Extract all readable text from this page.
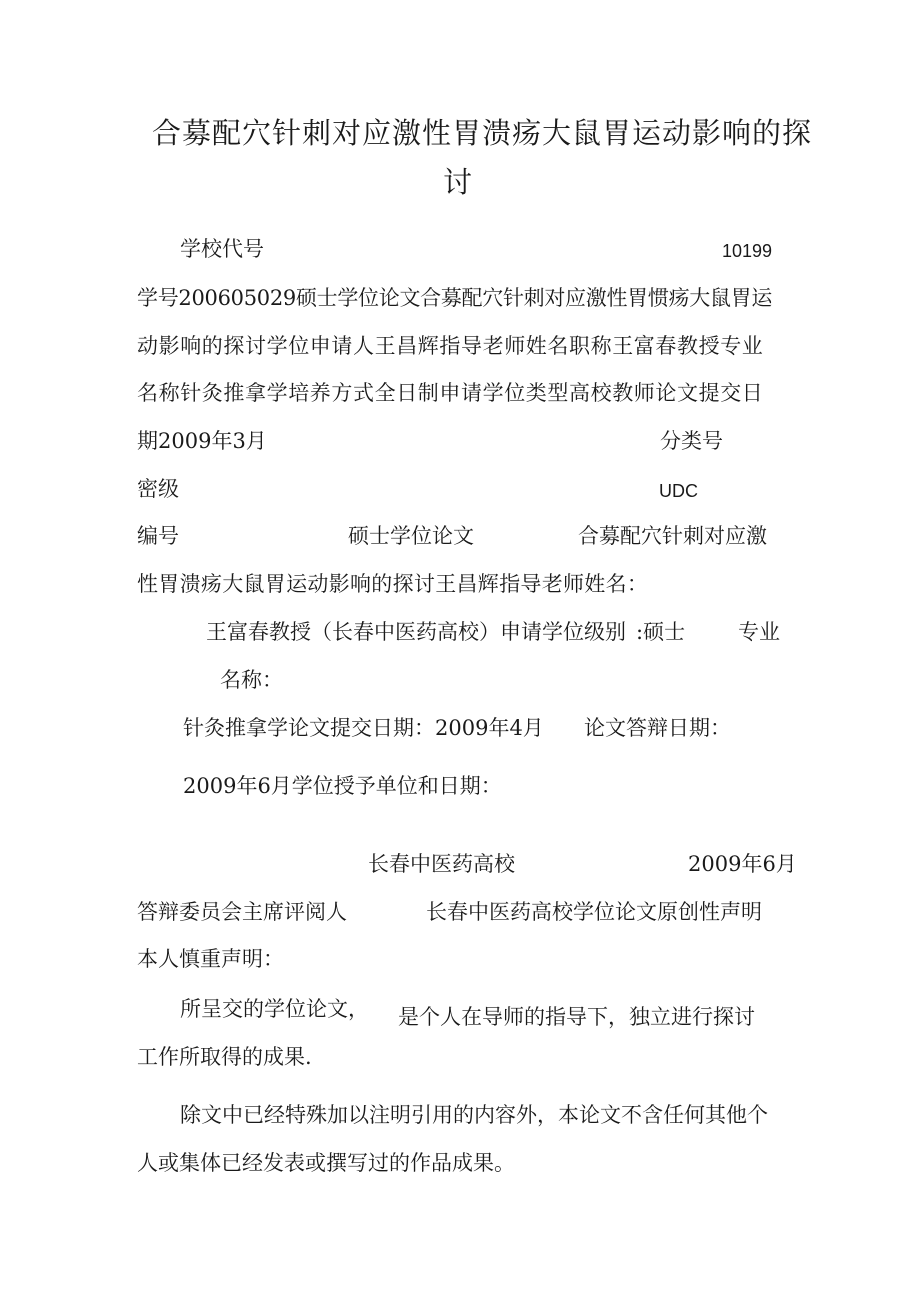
合募配穴针刺对应激性胃溃疡大鼠胃运动影响的探
讨
学校代号	10199
学号200605029硕士学位论文合募配穴针刺对应激性胃惯疡大鼠胃运
动影响的探讨学位申请人王昌辉指导老师姓名职称王富春教授专业
名称针灸推拿学培养方式全日制申请学位类型高校教师论文提交日
期2009年3月	分类号
密级	UDC
编号	硕士学位论文	合募配穴针刺对应激
性胃溃疡大鼠胃运动影响的探讨王昌辉指导老师姓名：
王富春教授（长春中医药高校）申请学位级别 :硕士	专业
名称：
针灸推拿学论文提交日期：2009年4月 论文答辩日期：
2009年6月学位授予单位和日期：
长春中医药高校	2009年6月
答辩委员会主席评阅人	长春中医药高校学位论文原创性声明
本人慎重声明：
所呈交的学位论文， 是个人在导师的指导下，独立进行探讨
工作所取得的成果.
除文中已经特殊加以注明引用的内容外，本论文不含任何其他个
人或集体已经发表或撰写过的作品成果。
